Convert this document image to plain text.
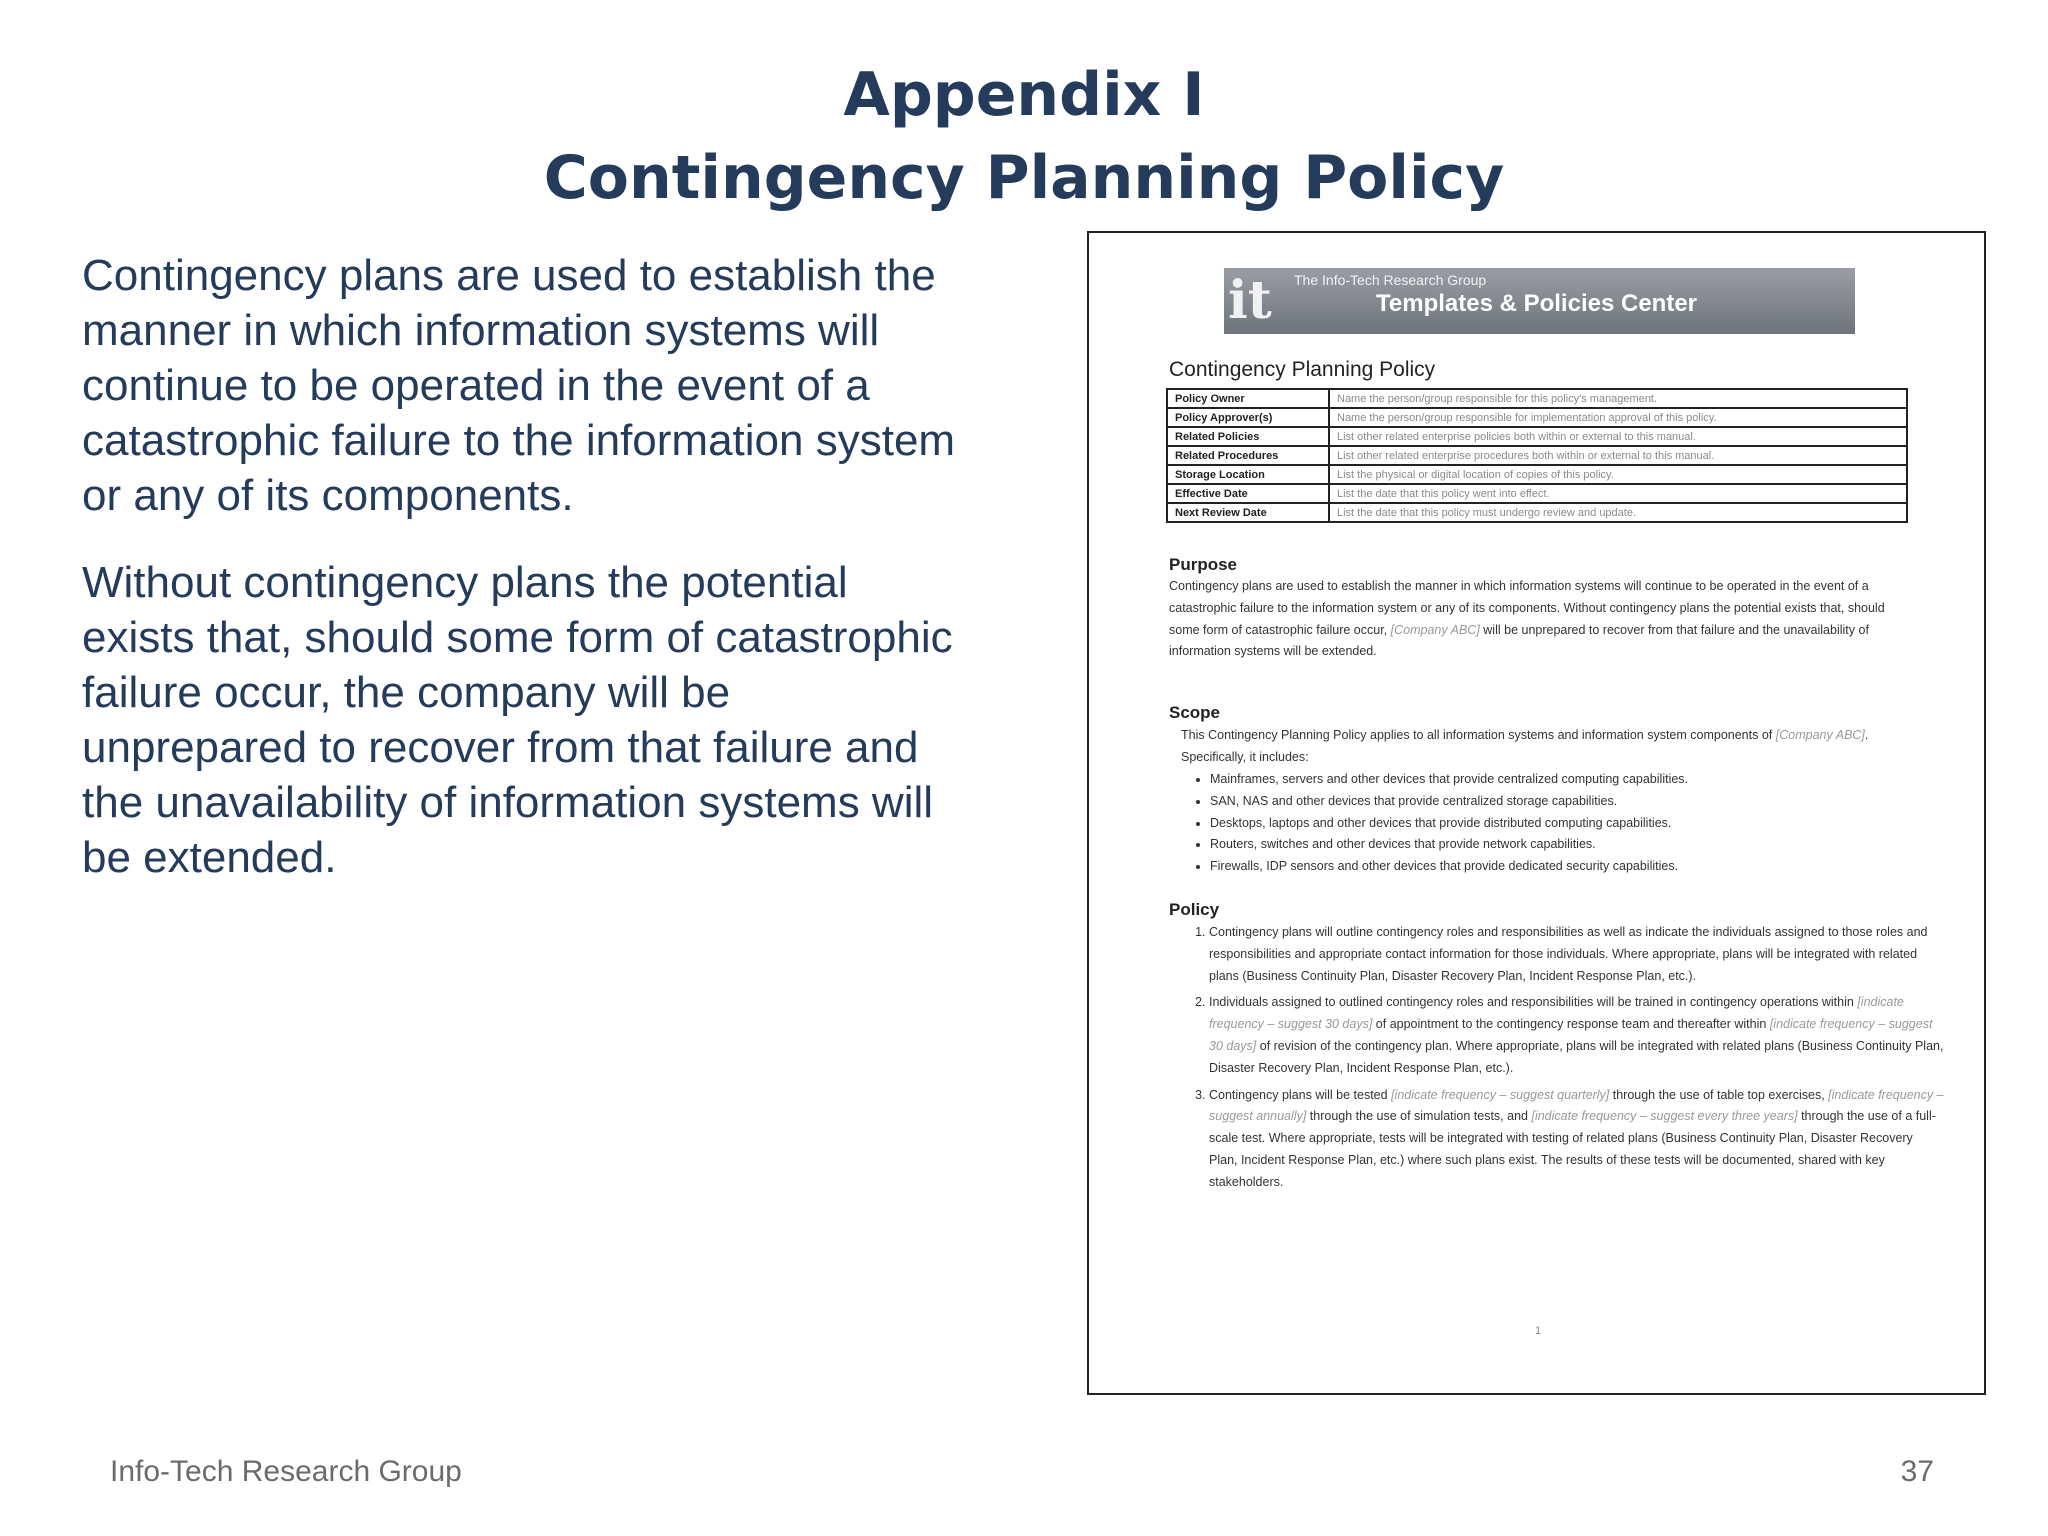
Appendix I
Contingency Planning Policy

Contingency plans are used to establish the manner in which information systems will continue to be operated in the event of a catastrophic failure to the information system or any of its components.

Without contingency plans the potential exists that, should some form of catastrophic failure occur, the company will be unprepared to recover from that failure and the unavailability of information systems will be extended.

it	The Info-Tech Research Group
Templates & Policies Center
Contingency Planning Policy
Policy Owner	Name the person/group responsible for this policy's management.
Policy Approver(s)	Name the person/group responsible for implementation approval of this policy.
Related Policies	List other related enterprise policies both within or external to this manual.
Related Procedures	List other related enterprise procedures both within or external to this manual.
Storage Location	List the physical or digital location of copies of this policy.
Effective Date	List the date that this policy went into effect.
Next Review Date	List the date that this policy must undergo review and update.
Purpose

Contingency plans are used to establish the manner in which information systems will continue to be operated in the event of a catastrophic failure to the information system or any of its components. Without contingency plans the potential exists that, should some form of catastrophic failure occur, [Company ABC] will be unprepared to recover from that failure and the unavailability of information systems will be extended.

Scope

This Contingency Planning Policy applies to all information systems and information system components of [Company ABC]. Specifically, it includes:

• Mainframes, servers and other devices that provide centralized computing capabilities.
• SAN, NAS and other devices that provide centralized storage capabilities.
• Desktops, laptops and other devices that provide distributed computing capabilities.
• Routers, switches and other devices that provide network capabilities.
• Firewalls, IDP sensors and other devices that provide dedicated security capabilities.
Policy
1. Contingency plans will outline contingency roles and responsibilities as well as indicate the individuals assigned to those roles and responsibilities and appropriate contact information for those individuals. Where appropriate, plans will be integrated with related plans (Business Continuity Plan, Disaster Recovery Plan, Incident Response Plan, etc.).
2. Individuals assigned to outlined contingency roles and responsibilities will be trained in contingency operations within [indicate frequency – suggest 30 days] of appointment to the contingency response team and thereafter within [indicate frequency – suggest 30 days] of revision of the contingency plan. Where appropriate, plans will be integrated with related plans (Business Continuity Plan, Disaster Recovery Plan, Incident Response Plan, etc.).
3. Contingency plans will be tested [indicate frequency – suggest quarterly] through the use of table top exercises, [indicate frequency – suggest annually] through the use of simulation tests, and [indicate frequency – suggest every three years] through the use of a full-scale test. Where appropriate, tests will be integrated with testing of related plans (Business Continuity Plan, Disaster Recovery Plan, Incident Response Plan, etc.) where such plans exist. The results of these tests will be documented, shared with key stakeholders.
1
Info-Tech Research Group	37
